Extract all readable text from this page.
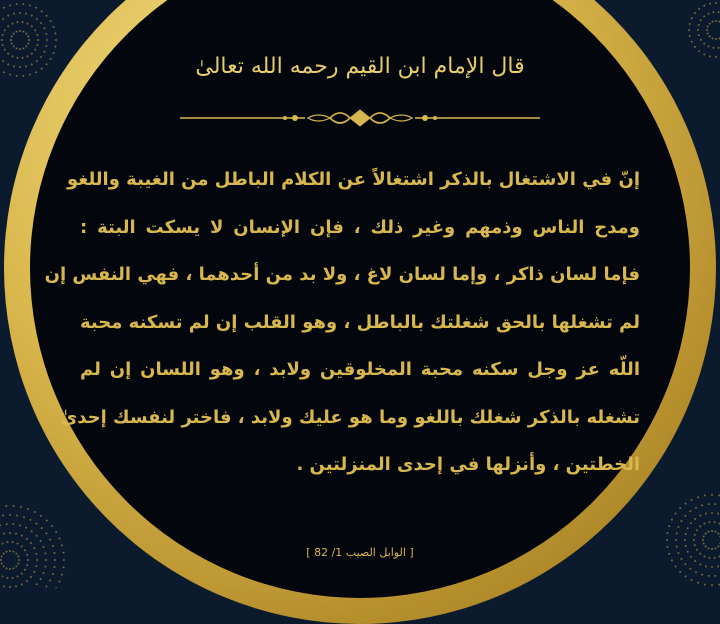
قال الإمام ابن القيم رحمه الله تعالىٰ
إنّ في الاشتغال بالذكر اشتغالاً عن الكلام الباطل من الغيبة واللغو
ومدح الناس وذمهم وغير ذلك ، فإن الإنسان لا يسكت البتة :
فإما لسان ذاكر ، وإما لسان لاغ ، ولا بد من أحدهما ، فهي النفس إن
لم تشغلها بالحق شغلتك بالباطل ، وهو القلب إن لم تسكنه محبة
اللّه عز وجل سكنه محبة المخلوقين ولابد ، وهو اللسان إن لم
تشغله بالذكر شغلك باللغو وما هو عليك ولابد ، فاختر لنفسك إحدىٰ
الخطتين ، وأنزلها في إحدى المنزلتين .
[ الوابل الصيب 1/ 82 ]
